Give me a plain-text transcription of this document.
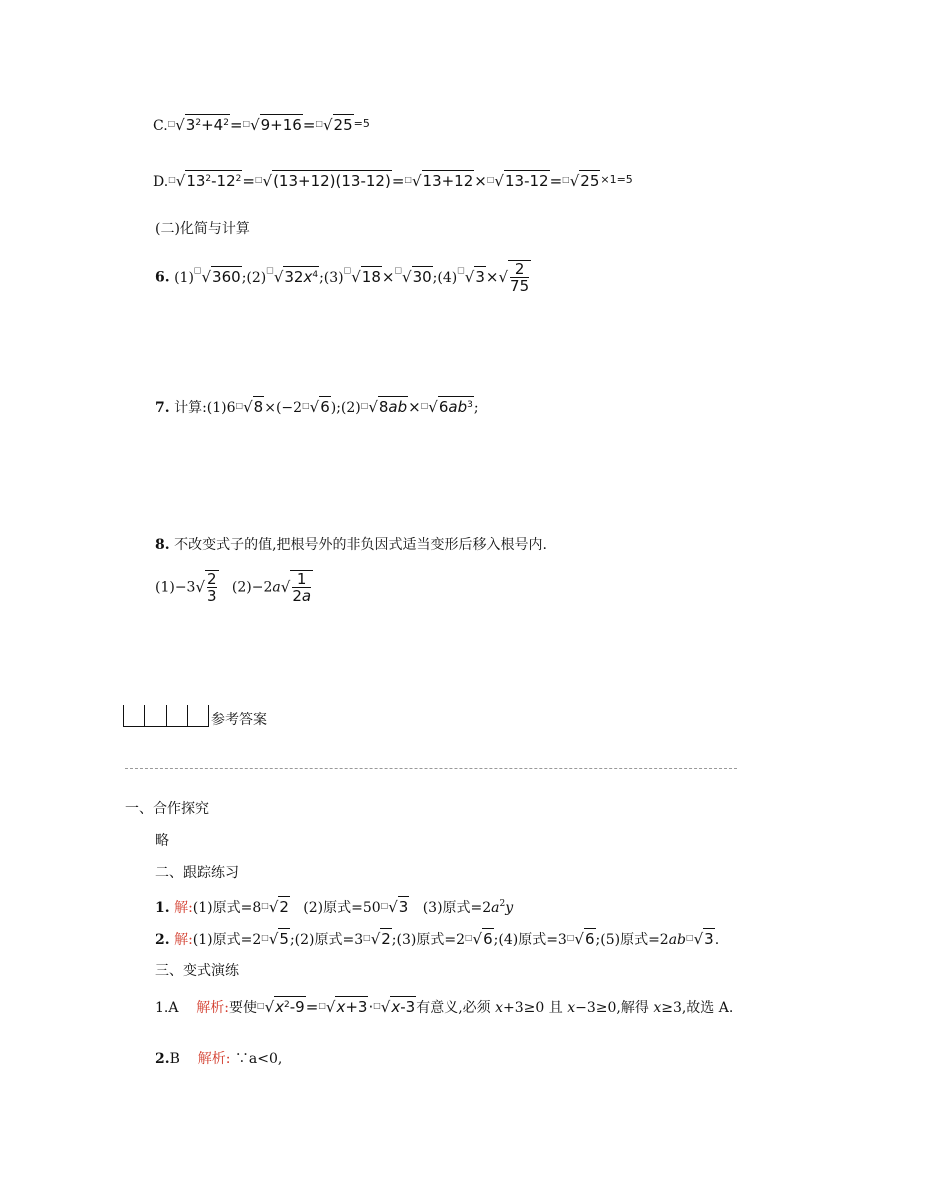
$C.^□√3^2+4^2=^□√9+16=^□√25^{=5}$
$D.^□√13^2-12^2=^□√(13+12)(13-12)=^□√13+12\times^□√13-12=^□√25^{\times 1=5}$
(二)化简与计算
6. $(1)^□√360;(2)^□√32x^4;(3)^□√18\times^□√30;(4)^□√3\times√ \frac{2}{75}$
7. 计算$:(1)6^□√8\times(-2^□√6);(2)^□√8ab\times^□√6ab^3$;
8. 不改变式子的值,把根号外的非负因式适当变形后移入根号内.
$(1)-3√ \frac{2}{3} (2)-2a√ \frac{1}{2a}$
参考答案
一、合作探究
略
二、跟踪练习
1. 解:(1)原式=8□√2   (2)原式=50□√3   (3)原式$=2a^2y$
2. 解:(1)原式=2□√5;(2)原式=3□√2;(3)原式=2□√6;(4)原式=3□√6;(5)原式=2ab□√3.
三、变式演练
1.A 解析:要使$^□√x^2-9=^□√x+3\cdot^□√x-3$有意义,必须 x+3≥0 且 x−3≥0,解得 x≥3,故选 A.
2.B 解析: ∵a<0,
